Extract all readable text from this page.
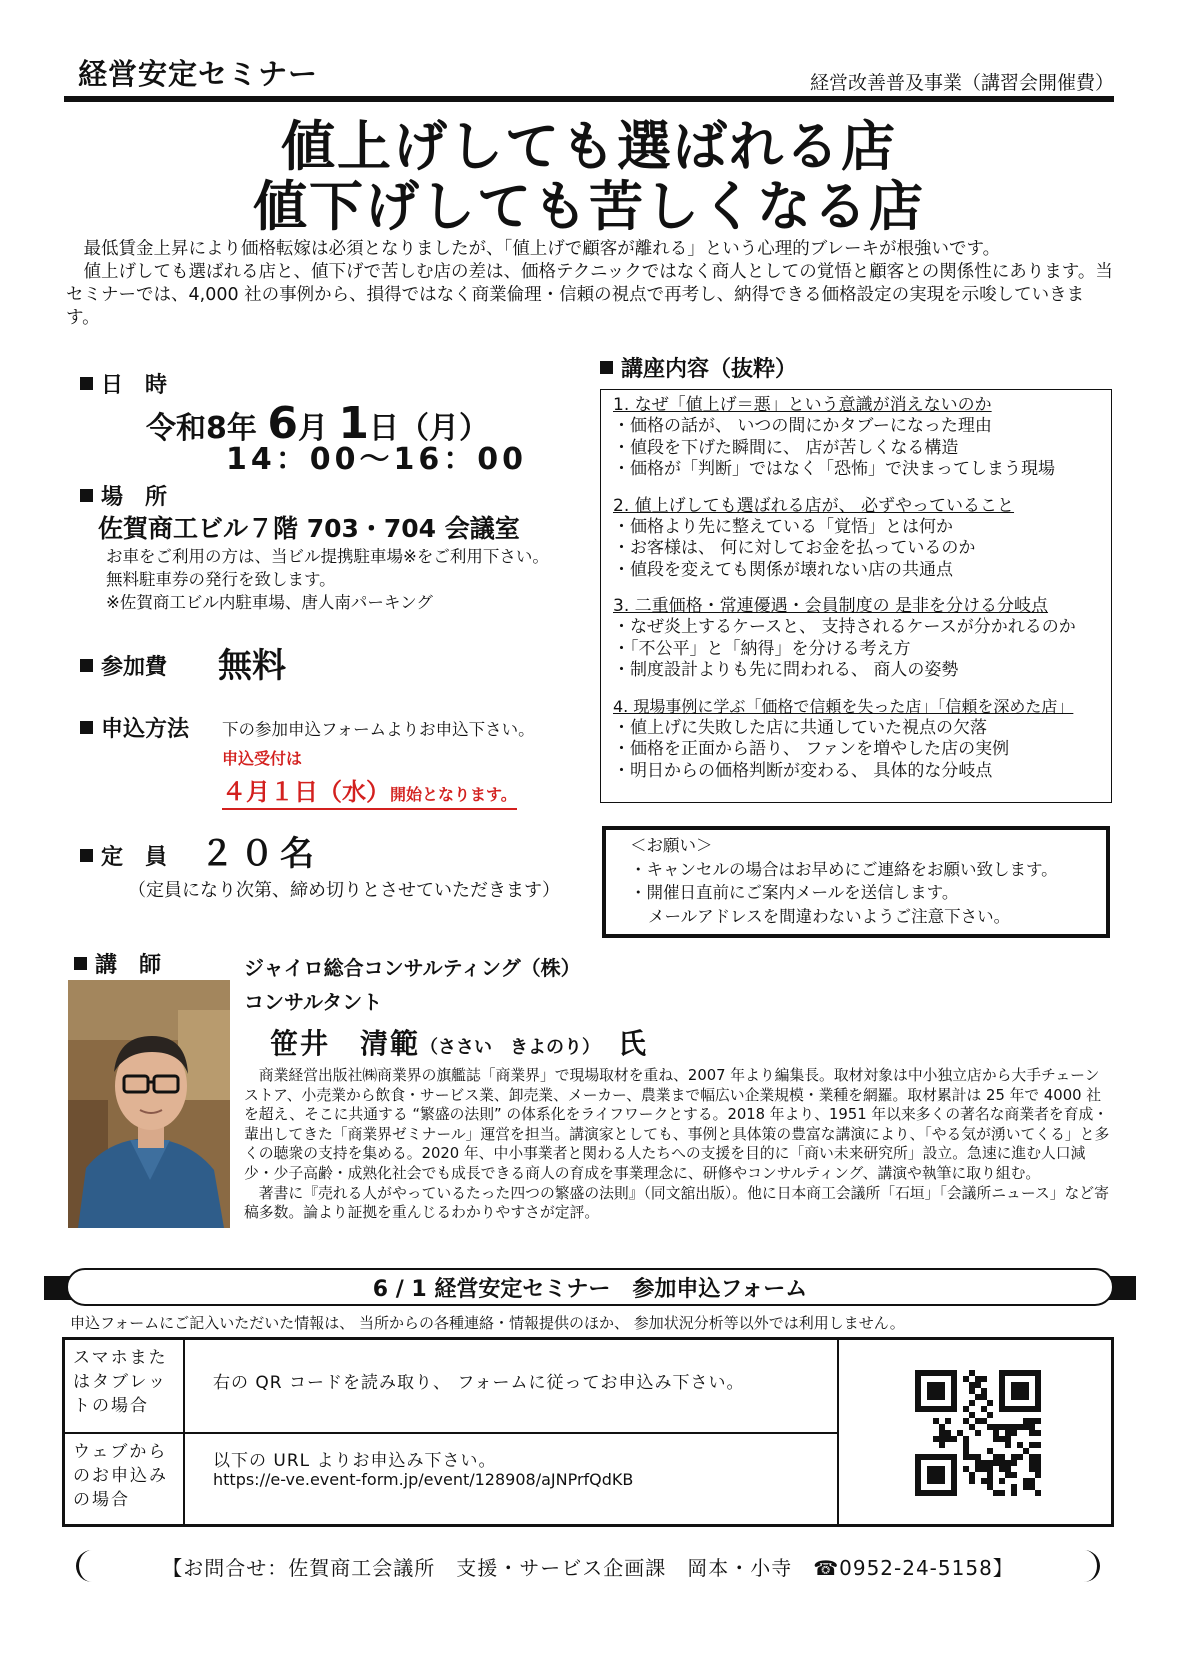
経営安定セミナー	経営改善普及事業（講習会開催費）
値上げしても選ばれる店
値下げしても苦しくなる店

最低賃金上昇により価格転嫁は必須となりましたが、「値上げで顧客が離れる」という心理的ブレーキが根強いです。

値上げしても選ばれる店と、値下げで苦しむ店の差は、価格テクニックではなく商人としての覚悟と顧客との関係性にあります。当セミナーでは、4,000 社の事例から、損得ではなく商業倫理・信頼の視点で再考し、納得できる価格設定の実現を示唆していきます。

日　時
令和8年 6月 1日（月）
14：00〜16：00
場　所
佐賀商工ビル７階 703・704 会議室
お車をご利用の方は、当ビル提携駐車場※をご利用下さい。
無料駐車券の発行を致します。
※佐賀商工ビル内駐車場、唐人南パーキング
参加費 無料
申込方法 下の参加申込フォームよりお申込下さい。
申込受付は
４月１日（水）開始となります。
定　員 ２０名
（定員になり次第、締め切りとさせていただきます）
講座内容（抜粋）
1. なぜ「値上げ＝悪」という意識が消えないのか
・価格の話が、 いつの間にかタブーになった理由
・値段を下げた瞬間に、 店が苦しくなる構造
・価格が「判断」ではなく「恐怖」で決まってしまう現場
2. 値上げしても選ばれる店が、 必ずやっていること
・価格より先に整えている「覚悟」とは何か
・お客様は、 何に対してお金を払っているのか
・値段を変えても関係が壊れない店の共通点
3. 二重価格・常連優遇・会員制度の 是非を分ける分岐点
・なぜ炎上するケースと、 支持されるケースが分かれるのか
・「不公平」と「納得」を分ける考え方
・制度設計よりも先に問われる、 商人の姿勢
4. 現場事例に学ぶ「価格で信頼を失った店」「信頼を深めた店」
・値上げに失敗した店に共通していた視点の欠落
・価格を正面から語り、 ファンを増やした店の実例
・明日からの価格判断が変わる、 具体的な分岐点
＜お願い＞
・キャンセルの場合はお早めにご連絡をお願い致します。
・開催日直前にご案内メールを送信します。
メールアドレスを間違わないようご注意下さい。
講　師	ジャイロ総合コンサルティング（株）
コンサルタント
笹井　清範（ささい　きよのり） 氏

商業経営出版社㈱商業界の旗艦誌「商業界」で現場取材を重ね、2007 年より編集長。取材対象は中小独立店から大手チェーンストア、小売業から飲食・サービス業、卸売業、メーカー、農業まで幅広い企業規模・業種を網羅。取材累計は 25 年で 4000 社を超え、そこに共通する “繁盛の法則” の体系化をライフワークとする。2018 年より、1951 年以来多くの著名な商業者を育成・輩出してきた「商業界ゼミナール」運営を担当。講演家としても、事例と具体策の豊富な講演により、「やる気が湧いてくる」と多くの聴衆の支持を集める。2020 年、中小事業者と関わる人たちへの支援を目的に「商い未来研究所」設立。急速に進む人口減少・少子高齢・成熟化社会でも成長できる商人の育成を事業理念に、研修やコンサルティング、講演や執筆に取り組む。

著書に『売れる人がやっているたった四つの繁盛の法則』（同文舘出版）。他に日本商工会議所「石垣」「会議所ニュース」など寄稿多数。論より証拠を重んじるわかりやすさが定評。

6 / 1 経営安定セミナー　参加申込フォーム
申込フォームにご記入いただいた情報は、 当所からの各種連絡・情報提供のほか、 参加状況分析等以外では利用しません。
スマホまたはタブレットの場合
右の QR コードを読み取り、 フォームに従ってお申込み下さい。
ウェブからのお申込みの場合
以下の URL よりお申込み下さい。
https://e-ve.event-form.jp/event/128908/aJNPrfQdKB
【お問合せ：佐賀商工会議所　支援・サービス企画課　岡本・小寺　☎0952-24-5158】
